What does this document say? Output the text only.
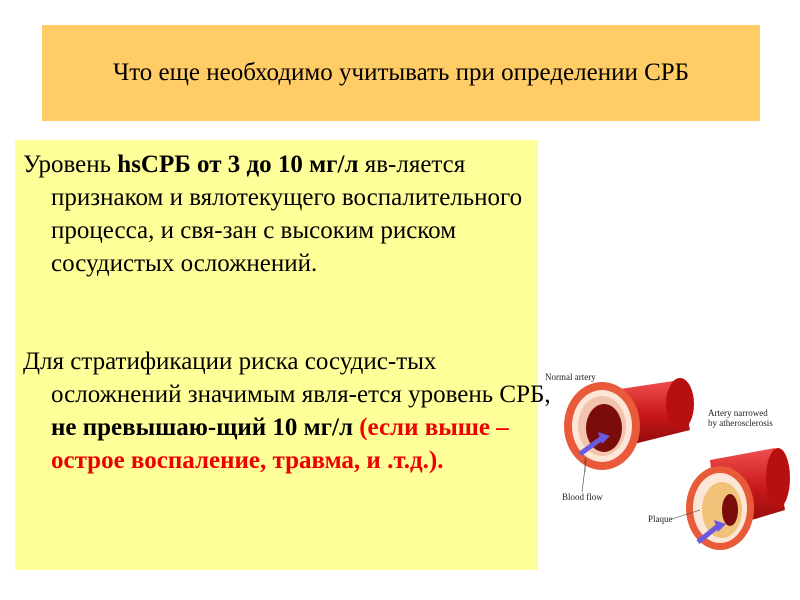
Что еще необходимо учитывать при определении СРБ

Уровень hsCРБ от 3 до 10 мг/л яв-ляется признаком и вялотекущего воспалительного процесса, и свя-зан с высоким риском сосудистых осложнений.

Для стратификации риска сосудис-тых осложнений значимым явля-ется уровень СРБ, не превышаю-щий 10 мг/л (если выше – острое воспаление, травма, и .т.д.).

Normal artery
Blood flow
Artery narrowed
by atherosclerosis
Plaque
